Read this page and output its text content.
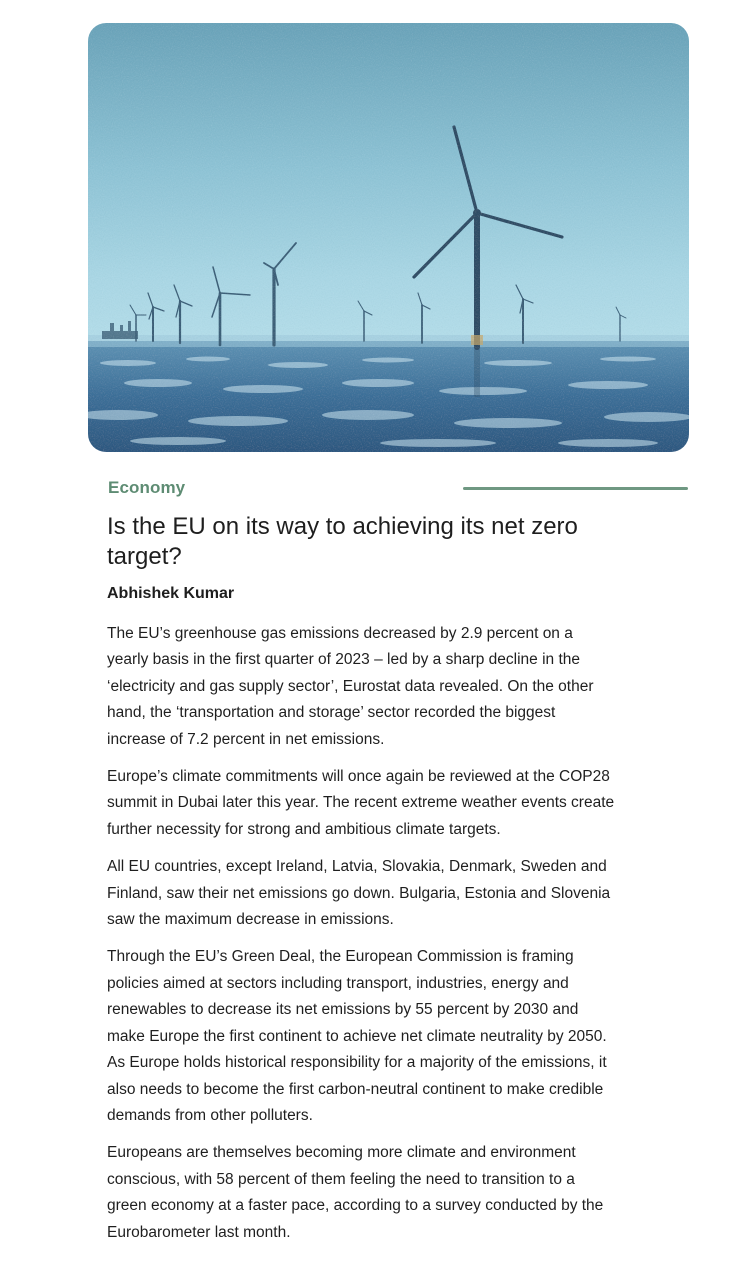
Economy
Is the EU on its way to achieving its net zero target?

Abhishek Kumar

The EU’s greenhouse gas emissions decreased by 2.9 percent on a yearly basis in the first quarter of 2023 – led by a sharp decline in the ‘electricity and gas supply sector’, Eurostat data revealed. On the other hand, the ‘transportation and storage’ sector recorded the biggest increase of 7.2 percent in net emissions.

Europe’s climate commitments will once again be reviewed at the COP28 summit in Dubai later this year. The recent extreme weather events create further necessity for strong and ambitious climate targets.

All EU countries, except Ireland, Latvia, Slovakia, Denmark, Sweden and Finland, saw their net emissions go down. Bulgaria, Estonia and Slovenia saw the maximum decrease in emissions.

Through the EU’s Green Deal, the European Commission is framing policies aimed at sectors including transport, industries, energy and renewables to decrease its net emissions by 55 percent by 2030 and make Europe the first continent to achieve net climate neutrality by 2050. As Europe holds historical responsibility for a majority of the emissions, it also needs to become the first carbon-neutral continent to make credible demands from other polluters.

Europeans are themselves becoming more climate and environment conscious, with 58 percent of them feeling the need to transition to a green economy at a faster pace, according to a survey conducted by the Eurobarometer last month.
